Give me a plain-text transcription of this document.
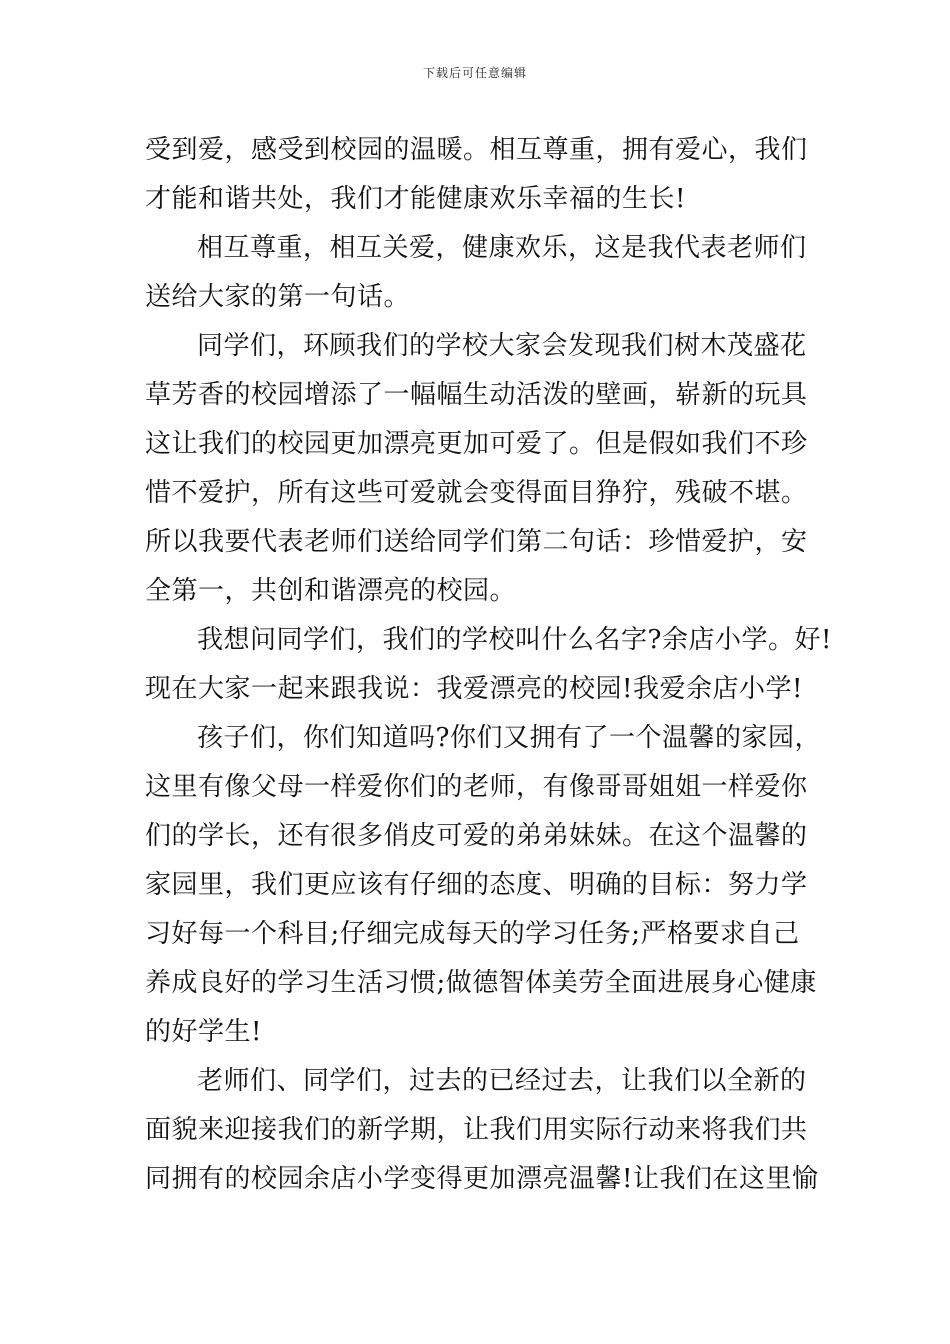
下载后可任意编辑
受到爱，感受到校园的温暖。相互尊重，拥有爱心，我们
才能和谐共处，我们才能健康欢乐幸福的生长!
相互尊重，相互关爱，健康欢乐，这是我代表老师们
送给大家的第一句话。
同学们，环顾我们的学校大家会发现我们树木茂盛花
草芳香的校园增添了一幅幅生动活泼的壁画，崭新的玩具
这让我们的校园更加漂亮更加可爱了。但是假如我们不珍
惜不爱护，所有这些可爱就会变得面目狰狞，残破不堪。
所以我要代表老师们送给同学们第二句话：珍惜爱护，安
全第一，共创和谐漂亮的校园。
我想问同学们，我们的学校叫什么名字?余店小学。好!
现在大家一起来跟我说：我爱漂亮的校园!我爱余店小学!
孩子们，你们知道吗?你们又拥有了一个温馨的家园，
这里有像父母一样爱你们的老师，有像哥哥姐姐一样爱你
们的学长，还有很多俏皮可爱的弟弟妹妹。在这个温馨的
家园里，我们更应该有仔细的态度、明确的目标：努力学
习好每一个科目;仔细完成每天的学习任务;严格要求自己
养成良好的学习生活习惯;做德智体美劳全面进展身心健康
的好学生!
老师们、同学们，过去的已经过去，让我们以全新的
面貌来迎接我们的新学期，让我们用实际行动来将我们共
同拥有的校园余店小学变得更加漂亮温馨!让我们在这里愉
